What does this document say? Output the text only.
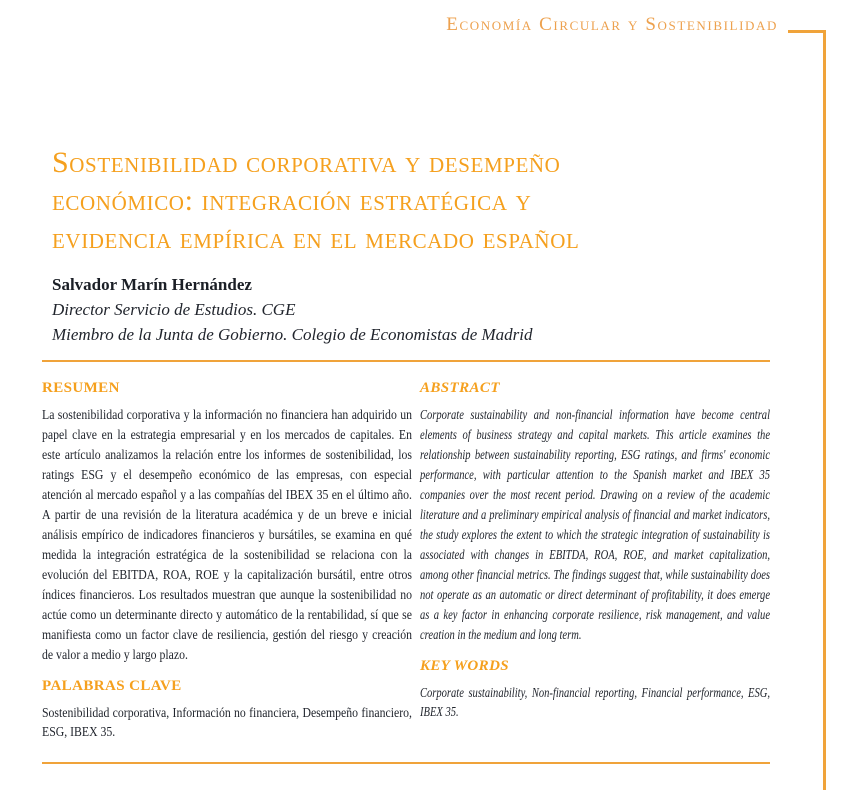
Economía Circular y Sostenibilidad
Sostenibilidad corporativa y desempeño
económico: integración estratégica y
evidencia empírica en el mercado español
Salvador Marín Hernández
Director Servicio de Estudios. CGE
Miembro de la Junta de Gobierno. Colegio de Economistas de Madrid
RESUMEN

La sostenibilidad corporativa y la información no financiera han adquirido un papel clave en la estrategia empresarial y en los mercados de capitales. En este artículo analizamos la relación entre los informes de sostenibilidad, los ratings ESG y el desempeño económico de las empresas, con especial atención al mercado español y a las compañías del IBEX 35 en el último año. A partir de una revisión de la literatura académica y de un breve e inicial análisis empírico de indicadores financieros y bursátiles, se examina en qué medida la integración estratégica de la sostenibilidad se relaciona con la evolución del EBITDA, ROA, ROE y la capitalización bursátil, entre otros índices financieros. Los resultados muestran que aunque la sostenibilidad no actúe como un determinante directo y automático de la rentabilidad, sí que se manifiesta como un factor clave de resiliencia, gestión del riesgo y creación de valor a medio y largo plazo.

PALABRAS CLAVE

Sostenibilidad corporativa, Información no financiera, Desempeño financiero, ESG, IBEX 35.

ABSTRACT

Corporate sustainability and non-financial information have become central elements of business strategy and capital markets. This article examines the relationship between sustainability reporting, ESG ratings, and firms' economic performance, with particular attention to the Spanish market and IBEX 35 companies over the most recent period. Drawing on a review of the academic literature and a preliminary empirical analysis of financial and market indicators, the study explores the extent to which the strategic integration of sustainability is associated with changes in EBITDA, ROA, ROE, and market capitalization, among other financial metrics. The findings suggest that, while sustainability does not operate as an automatic or direct determinant of profitability, it does emerge as a key factor in enhancing corporate resilience, risk management, and value creation in the medium and long term.

KEY WORDS

Corporate sustainability, Non-financial reporting, Financial performance, ESG, IBEX 35.
